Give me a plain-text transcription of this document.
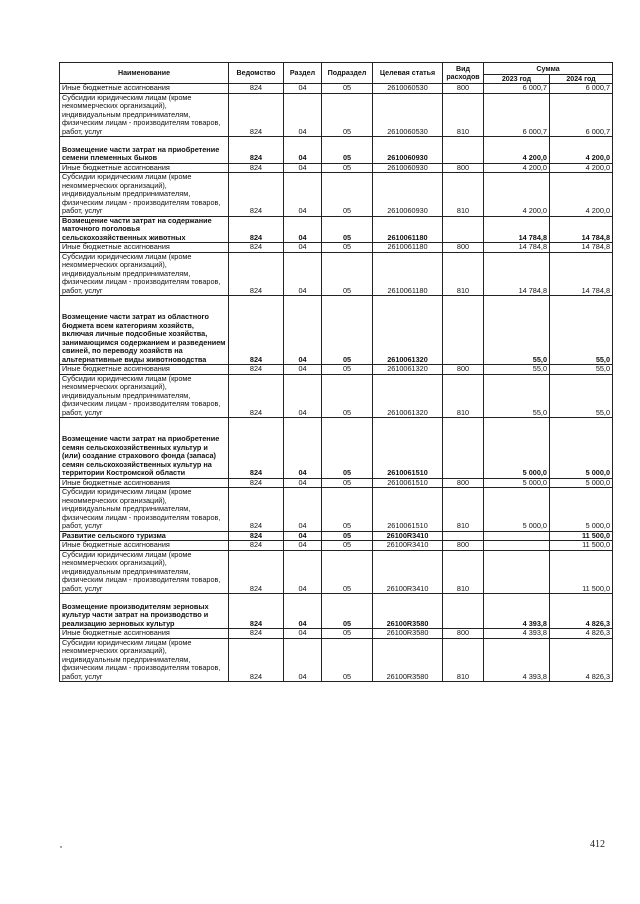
Наименование	Ведомство	Раздел	Подраздел	Целевая статья	Вид расходов	Сумма	
						2023 год	2024 год
Иные бюджетные ассигнования	824	04	05	2610060530	800	6 000,7	6 000,7
Субсидии юридическим лицам (кроме некоммерческих организаций), индивидуальным предпринимателям, физическим лицам - производителям товаров, работ, услуг	824	04	05	2610060530	810	6 000,7	6 000,7
Возмещение части затрат на приобретение семени племенных быков	824	04	05	2610060930		4 200,0	4 200,0
Иные бюджетные ассигнования	824	04	05	2610060930	800	4 200,0	4 200,0
Субсидии юридическим лицам (кроме некоммерческих организаций), индивидуальным предпринимателям, физическим лицам - производителям товаров, работ, услуг	824	04	05	2610060930	810	4 200,0	4 200,0
Возмещение части затрат на содержание маточного поголовья сельскохозяйственных животных	824	04	05	2610061180		14 784,8	14 784,8
Иные бюджетные ассигнования	824	04	05	2610061180	800	14 784,8	14 784,8
Субсидии юридическим лицам (кроме некоммерческих организаций), индивидуальным предпринимателям, физическим лицам - производителям товаров, работ, услуг	824	04	05	2610061180	810	14 784,8	14 784,8
Возмещение части затрат из областного бюджета всем категориям хозяйств, включая личные подсобные хозяйства, занимающимся содержанием и разведением свиней, по переводу хозяйств на альтернативные виды животноводства	824	04	05	2610061320		55,0	55,0
Иные бюджетные ассигнования	824	04	05	2610061320	800	55,0	55,0
Субсидии юридическим лицам (кроме некоммерческих организаций), индивидуальным предпринимателям, физическим лицам - производителям товаров, работ, услуг	824	04	05	2610061320	810	55,0	55,0
Возмещение части затрат на приобретение семян сельскохозяйственных культур и (или) создание страхового фонда (запаса) семян сельскохозяйственных культур на территории Костромской области	824	04	05	2610061510		5 000,0	5 000,0
Иные бюджетные ассигнования	824	04	05	2610061510	800	5 000,0	5 000,0
Субсидии юридическим лицам (кроме некоммерческих организаций), индивидуальным предпринимателям, физическим лицам - производителям товаров, работ, услуг	824	04	05	2610061510	810	5 000,0	5 000,0
Развитие сельского туризма	824	04	05	26100R3410			11 500,0
Иные бюджетные ассигнования	824	04	05	26100R3410	800		11 500,0
Субсидии юридическим лицам (кроме некоммерческих организаций), индивидуальным предпринимателям, физическим лицам - производителям товаров, работ, услуг	824	04	05	26100R3410	810		11 500,0
Возмещение производителям зерновых культур части затрат на производство и реализацию зерновых культур	824	04	05	26100R3580		4 393,8	4 826,3
Иные бюджетные ассигнования	824	04	05	26100R3580	800	4 393,8	4 826,3
Субсидии юридическим лицам (кроме некоммерческих организаций), индивидуальным предпринимателям, физическим лицам - производителям товаров, работ, услуг	824	04	05	26100R3580	810	4 393,8	4 826,3
412
